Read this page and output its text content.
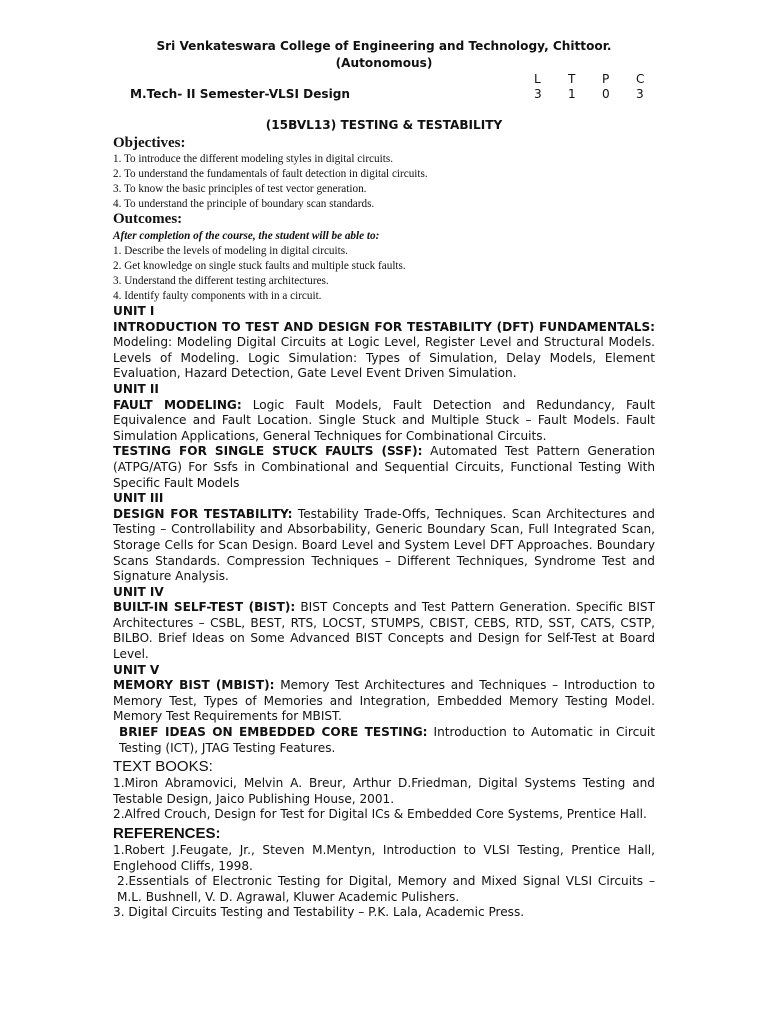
Sri Venkateswara College of Engineering and Technology, Chittoor.
(Autonomous)
L T P C
M.Tech- II Semester-VLSI Design	3 1 0 3
(15BVL13) TESTING & TESTABILITY
Objectives:
1. To introduce the different modeling styles in digital circuits.
2. To understand the fundamentals of fault detection in digital circuits.
3. To know the basic principles of test vector generation.
4. To understand the principle of boundary scan standards.
Outcomes:
After completion of the course, the student will be able to:
1. Describe the levels of modeling in digital circuits.
2. Get knowledge on single stuck faults and multiple stuck faults.
3. Understand the different testing architectures.
4. Identify faulty components with in a circuit.

UNIT I

INTRODUCTION TO TEST AND DESIGN FOR TESTABILITY (DFT) FUNDAMENTALS: Modeling: Modeling Digital Circuits at Logic Level, Register Level and Structural Models. Levels of Modeling. Logic Simulation: Types of Simulation, Delay Models, Element Evaluation, Hazard Detection, Gate Level Event Driven Simulation.

UNIT II

FAULT MODELING: Logic Fault Models, Fault Detection and Redundancy, Fault Equivalence and Fault Location. Single Stuck and Multiple Stuck – Fault Models. Fault Simulation Applications, General Techniques for Combinational Circuits.

TESTING FOR SINGLE STUCK FAULTS (SSF): Automated Test Pattern Generation (ATPG/ATG) For Ssfs in Combinational and Sequential Circuits, Functional Testing With Specific Fault Models

UNIT III

DESIGN FOR TESTABILITY: Testability Trade-Offs, Techniques. Scan Architectures and Testing – Controllability and Absorbability, Generic Boundary Scan, Full Integrated Scan, Storage Cells for Scan Design. Board Level and System Level DFT Approaches. Boundary Scans Standards. Compression Techniques – Different Techniques, Syndrome Test and Signature Analysis.

UNIT IV

BUILT-IN SELF-TEST (BIST): BIST Concepts and Test Pattern Generation. Specific BIST Architectures – CSBL, BEST, RTS, LOCST, STUMPS, CBIST, CEBS, RTD, SST, CATS, CSTP, BILBO. Brief Ideas on Some Advanced BIST Concepts and Design for Self-Test at Board Level.

UNIT V

MEMORY BIST (MBIST): Memory Test Architectures and Techniques – Introduction to Memory Test, Types of Memories and Integration, Embedded Memory Testing Model. Memory Test Requirements for MBIST.

BRIEF IDEAS ON EMBEDDED CORE TESTING: Introduction to Automatic in Circuit Testing (ICT), JTAG Testing Features.

TEXT BOOKS:

1.Miron Abramovici, Melvin A. Breur, Arthur D.Friedman, Digital Systems Testing and Testable Design, Jaico Publishing House, 2001.

2.Alfred Crouch, Design for Test for Digital ICs & Embedded Core Systems, Prentice Hall.

REFERENCES:

1.Robert J.Feugate, Jr., Steven M.Mentyn, Introduction to VLSI Testing, Prentice Hall, Englehood Cliffs, 1998.

2.Essentials of Electronic Testing for Digital, Memory and Mixed Signal VLSI Circuits –M.L. Bushnell, V. D. Agrawal, Kluwer Academic Pulishers.

3. Digital Circuits Testing and Testability – P.K. Lala, Academic Press.
